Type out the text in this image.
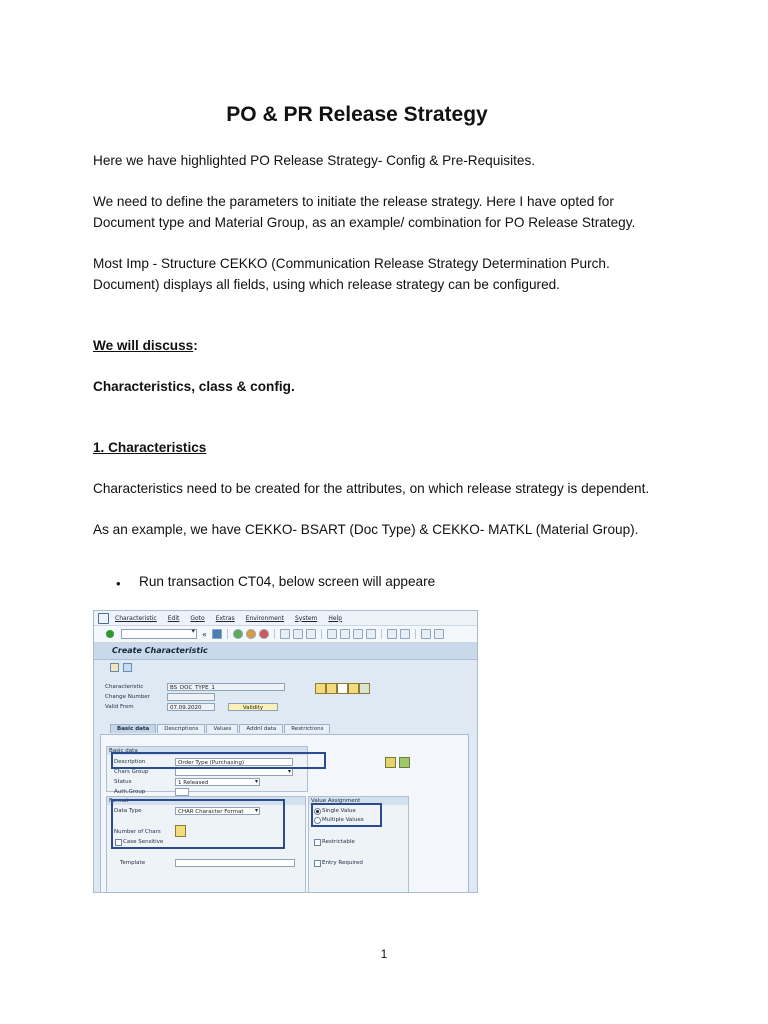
PO & PR Release Strategy

Here we have highlighted PO Release Strategy- Config & Pre-Requisites.

We need to define the parameters to initiate the release strategy. Here I have opted for

Document type and Material Group, as an example/ combination for PO Release Strategy.

Most Imp - Structure CEKKO (Communication Release Strategy Determination Purch.

Document) displays all fields, using which release strategy can be configured.

We will discuss:

Characteristics, class & config.

1. Characteristics

Characteristics need to be created for the attributes, on which release strategy is dependent.

As an example, we have CEKKO- BSART (Doc Type) & CEKKO- MATKL (Material Group).

• Run transaction CT04, below screen will appeare
Characteristic Edit Goto Extras Environment System Help
▾
«
Create Characteristic
Characteristic	BS_DOC_TYPE_1
Change Number
Valid From	07.09.2020	Validity
Basic data	Descriptions	Values	Addnl data	Restrictions
Basic data
Description	Order Type (Purchasing)
Chars Group
▾
Status	1 Released ▾
Auth.Group
Format
Data Type	CHAR Character Format ▾
Number of Chars
Case Sensitive
Template
Value Assignment
Single Value
Multiple Values
Restrictable
Entry Required
1
